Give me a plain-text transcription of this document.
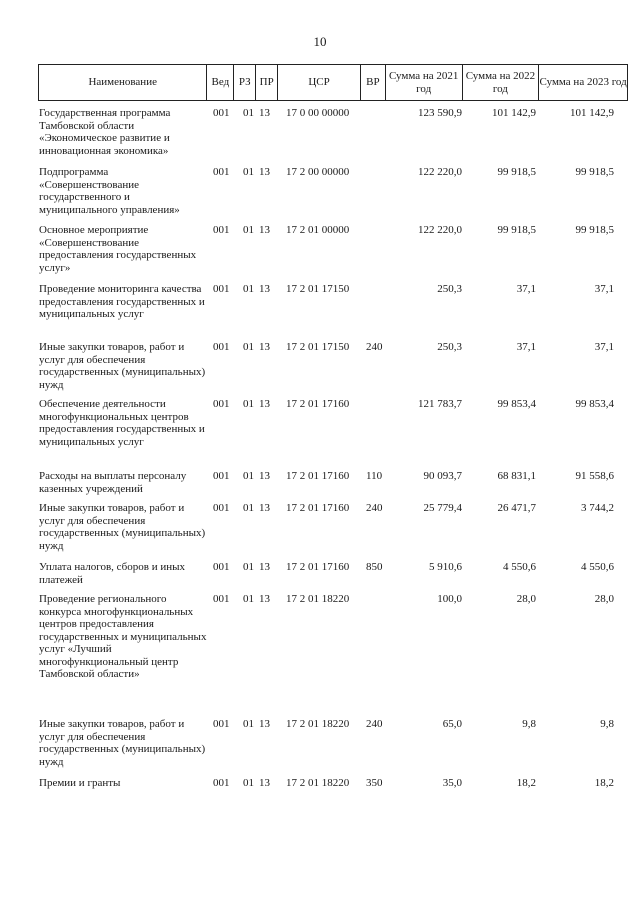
10
Наименование	Вед РЗ ПР	ЦСР	ВР
Сумма на 2021 год
Сумма на 2022 год
Сумма на 2023 год
Государственная программа Тамбовской области «Экономическое развитие и инновационная экономика»
001 01 13 17 0 00 00000	123 590,9	101 142,9	101 142,9
Подпрограмма «Совершенствование государственного и муниципального управления»
001 01 13 17 2 00 00000	122 220,0	99 918,5	99 918,5
Основное мероприятие «Совершенствование предоставления государственных услуг»
001 01 13 17 2 01 00000	122 220,0	99 918,5	99 918,5
Проведение мониторинга качества предоставления государственных и муниципальных услуг
001 01 13 17 2 01 17150	250,3	37,1	37,1
Иные закупки товаров, работ и услуг для обеспечения государственных (муниципальных) нужд
001 01 13 17 2 01 17150 240	250,3	37,1	37,1
Обеспечение деятельности многофункциональных центров предоставления государственных и муниципальных услуг
001 01 13 17 2 01 17160	121 783,7	99 853,4	99 853,4
Расходы на выплаты персоналу казенных учреждений
001 01 13 17 2 01 17160 110	90 093,7	68 831,1	91 558,6
Иные закупки товаров, работ и услуг для обеспечения государственных (муниципальных) нужд
001 01 13 17 2 01 17160 240	25 779,4	26 471,7	3 744,2
Уплата налогов, сборов и иных платежей
001 01 13 17 2 01 17160 850	5 910,6	4 550,6	4 550,6
Проведение регионального конкурса многофункциональных центров предоставления государственных и муниципальных услуг «Лучший многофункциональный центр Тамбовской области»
001 01 13 17 2 01 18220	100,0	28,0	28,0
Иные закупки товаров, работ и услуг для обеспечения государственных (муниципальных) нужд
001 01 13 17 2 01 18220 240	65,0	9,8	9,8
Премии и гранты	001 01 13 17 2 01 18220 350	35,0	18,2	18,2
